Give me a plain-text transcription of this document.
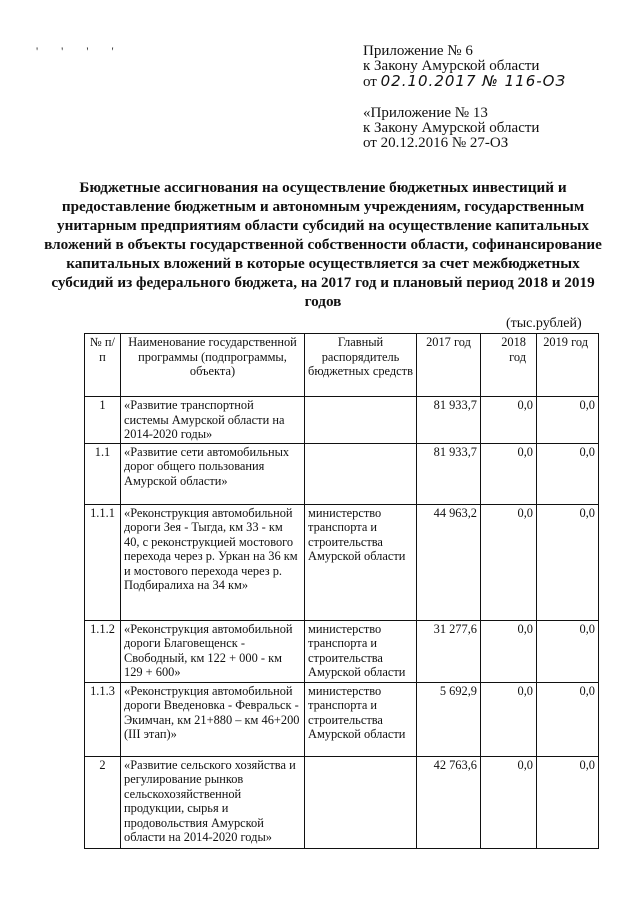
' ' ' '	Приложение № 6
к Закону Амурской области
от 02.10.2017 № 116-ОЗ
«Приложение № 13
к Закону Амурской области
от 20.12.2016 № 27-ОЗ
Бюджетные ассигнования на осуществление бюджетных инвестиций и предоставление бюджетным и автономным учреждениям, государственным унитарным предприятиям области субсидий на осуществление капитальных вложений в объекты государственной собственности области, софинансирование капитальных вложений в которые осуществляется за счет межбюджетных субсидий из федерального бюджета, на 2017 год и плановый период 2018 и 2019 годов
(тыс.рублей)
№ п/п	Наименование государственной программы (подпрограммы, объекта)	Главный распорядитель бюджетных средств	2017 год	2018 год	2019 год
1	«Развитие транспортной системы Амурской области на 2014-2020 годы»		81 933,7	0,0	0,0
1.1	«Развитие сети автомобильных дорог общего пользования Амурской области»		81 933,7	0,0	0,0
1.1.1	«Реконструкция автомобильной дороги Зея - Тыгда, км 33 - км 40, с реконструкцией мостового перехода через р. Уркан на 36 км и мостового перехода через р. Подбиралиха на 34 км»	министерство транспорта и строительства Амурской области	44 963,2	0,0	0,0
1.1.2	«Реконструкция автомобильной дороги Благовещенск - Свободный, км 122 + 000 - км 129 + 600»	министерство транспорта и строительства Амурской области	31 277,6	0,0	0,0
1.1.3	«Реконструкция автомобильной дороги Введеновка - Февральск - Экимчан, км 21+880 – км 46+200 (III этап)»	министерство транспорта и строительства Амурской области	5 692,9	0,0	0,0
2	«Развитие сельского хозяйства и регулирование рынков сельскохозяйственной продукции, сырья и продовольствия Амурской области на 2014-2020 годы»		42 763,6	0,0	0,0
